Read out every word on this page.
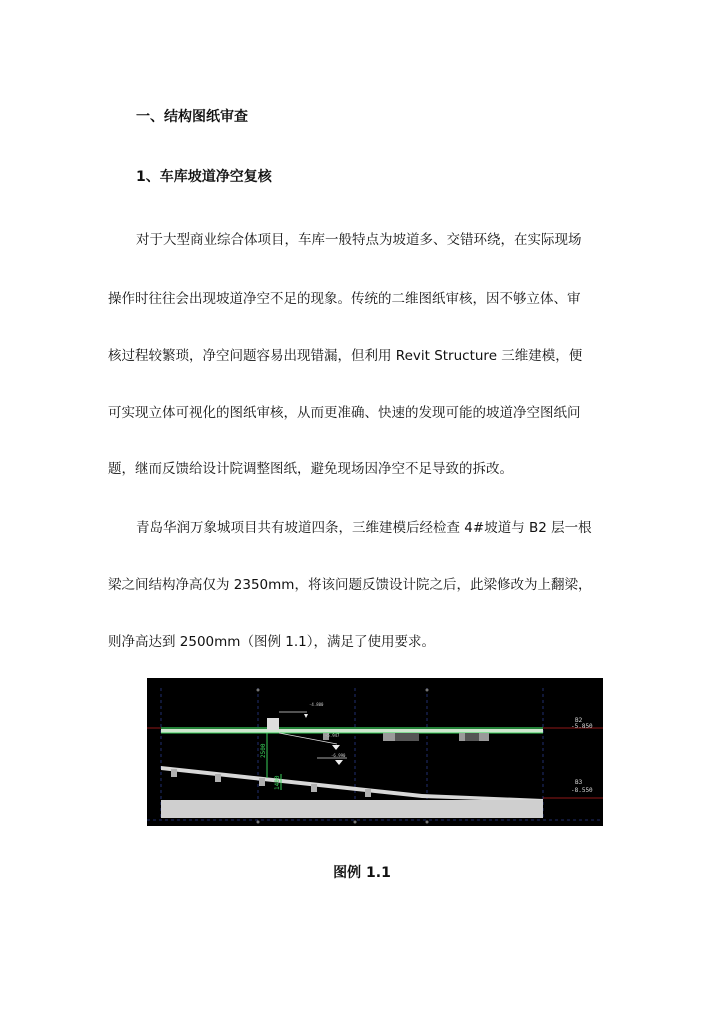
一、结构图纸审查

1、车库坡道净空复核

对于大型商业综合体项目，车库一般特点为坡道多、交错环绕，在实际现场

操作时往往会出现坡道净空不足的现象。传统的二维图纸审核，因不够立体、审

核过程较繁琐，净空问题容易出现错漏，但利用 Revit Structure 三维建模，便

可实现立体可视化的图纸审核，从而更准确、快速的发现可能的坡道净空图纸问

题，继而反馈给设计院调整图纸，避免现场因净空不足导致的拆改。

青岛华润万象城项目共有坡道四条，三维建模后经检查 4#坡道与 B2 层一根

梁之间结构净高仅为 2350mm，将该问题反馈设计院之后，此梁修改为上翻梁，

则净高达到 2500mm（图例 1.1），满足了使用要求。

2500
1400
-4.800
-5.947
-6.990
B2
-5.850
B3
-8.550

图例 1.1
